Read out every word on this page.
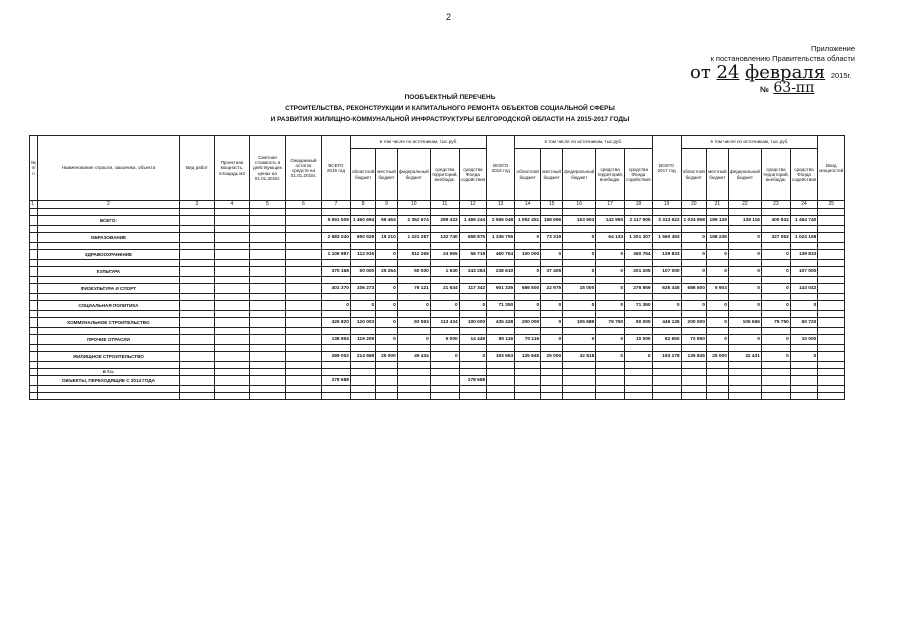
2
Приложение
к постановлению Правительства области
от 24 февраля 2015г.
№ 63-пп
ПООБЪЕКТНЫЙ ПЕРЕЧЕНЬ
СТРОИТЕЛЬСТВА, РЕКОНСТРУКЦИИ И КАПИТАЛЬНОГО РЕМОНТА ОБЪЕКТОВ СОЦИАЛЬНОЙ СФЕРЫ
И РАЗВИТИЯ ЖИЛИЩНО-КОММУНАЛЬНОЙ ИНФРАСТРУКТУРЫ БЕЛГОРОДСКОЙ ОБЛАСТИ НА 2015-2017 ГОДЫ
№ п/п	Наименование отрасли, заказчика, объекта	Вид работ	Проектная мощность, площадь м2	Сметная стоимость в действующих ценах на 01.01.2015г.	Ожидаемый остаток средств на 01.01.2015г.	ВСЕГО 2015 год	в том числе по источникам, тыс.руб.					ВСЕГО 2016 год	в том числе по источникам, тыс.руб.					ВСЕГО 2017 год	в том числе по источникам, тыс.руб.					Ввод мощностей
							областной бюджет	местный бюджет	федеральный бюджет	средства территорий, внебюдж.	средства Фонда содействия		областной бюджет	местный бюджет	федеральный бюджет	средства территорий, внебюдж.	средства Фонда содействия		областной бюджет	местный бюджет	федеральный бюджет	средства территорий, внебюдж.	средства Фонда содействия	
1	2	3	4	5	6	7	8	9	10	11	12	13	14	15	16	17	18	19	20	21	22	23	24	25

	ВСЕГО:					5 691 509	1 460 694	69 464	2 352 674	299 433	1 469 244	2 555 048	1 092 451	158 696	153 503	142 993	2 117 505	3 313 622	1 034 958	189 139	138 116	400 832	1 464 740	

	ОБРАЗОВАНИЕ					2 683 040	650 528	19 210	1 221 287	132 740	658 875	1 336 755	0	73 319	0	64 133	1 201 307	1 560 493	0	158 236	0	327 062	1 024 168	

	ЗДРАВООХРАНЕНИЕ					1 106 887	112 915	0	912 269	24 955	56 718	460 764	100 000	0	0	0	360 764	139 833	0	0	0	0	139 833	

	КУЛЬТУРА					370 168	50 000	25 254	50 000	1 630	243 284	238 610	0	37 405	0	0	201 205	107 000	0	0	0	0	107 000	

	ФИЗКУЛЬТУРА И СПОРТ					401 370	106 273	0	76 121	21 634	117 342	901 335	686 500	22 975	15 000	0	276 859	635 445	686 500	5 903	0	0	143 042	

	СОЦИАЛЬНАЯ ПОЛИТИКА					0	0	0	0	0	0	71 350	0	0	0	0	71 350	0	0	0	0	0	0	

	КОММУНАЛЬНОЕ СТРОИТЕЛЬСТВО					426 820	120 003	0	92 593	113 434	100 000	435 438	200 000	0	105 688	79 750	50 000	446 135	200 000	0	105 665	79 750	60 720	

	ПРОЧИЕ ОТРАСЛИ					138 954	119 209	0	0	5 000	14 445	80 116	70 116	0	0	0	10 000	82 650	72 650	0	0	0	10 000	

	ЖИЛИЩНОЕ СТРОИТЕЛЬСТВО					289 002	214 568	25 000	49 434	0	0	193 663	135 845	25 000	32 818	0	0	193 278	135 845	25 000	32 431	0	0	

	в т.ч.																							
	ОБЪЕКТЫ, ПЕРЕХОДЯЩИЕ С 2014 ГОДА					278 688					278 688													
